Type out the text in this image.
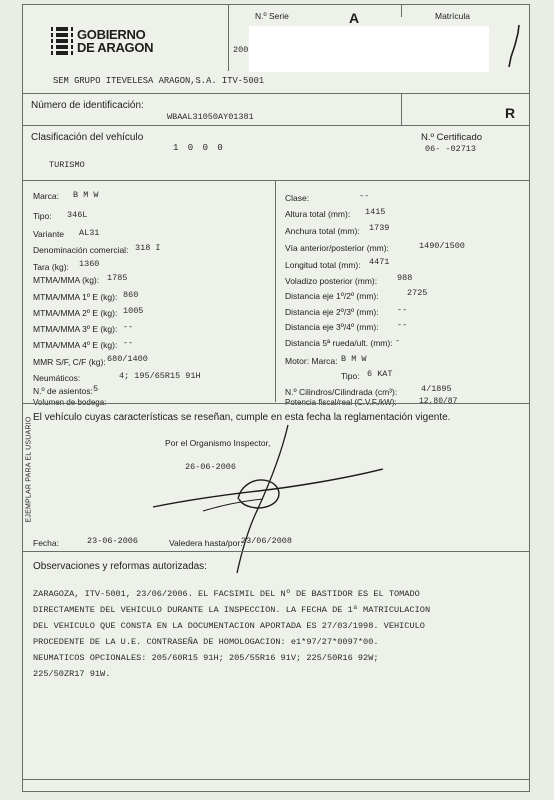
GOBIERNO
DE ARAGON
N.º Serie	A
200
Matrícula
SEM GRUPO ITEVELESA ARAGON,S.A. ITV-5001
Número de identificación:
WBAAL31050AY01381	R
Clasificación del vehículo
1 0 0 0
TURISMO
N.º Certificado
06- -02713
Marca: B M W
Tipo: 346L
Variante AL31
Denominación comercial: 318 I
Tara (kg): 1360
MTMA/MMA (kg): 1785
MTMA/MMA 1º E (kg): 860
MTMA/MMA 2º E (kg): 1005
MTMA/MMA 3º E (kg): --
MTMA/MMA 4º E (kg): --
MMR S/F, C/F (kg): 680/1400
Neumáticos:	4; 195/65R15 91H
N.º de asientos: 5
Volumen de bodega:
Clase:	--
Altura total (mm): 1415
Anchura total (mm): 1739
Vía anterior/posterior (mm):	1490/1500
Longitud total (mm): 4471
Voladizo posterior (mm): 988
Distancia eje 1º/2º (mm):	2725
Distancia eje 2º/3º (mm): --
Distancia eje 3º/4º (mm): --
Distancia 5ª rueda/ult. (mm): -
Motor: Marca: B M W
Tipo: 6 KAT
N.º Cilindros/Cilindrada (cm³):	4/1895
Potencia fiscal/real (C.V.F./kW):	12,80/87
El vehículo cuyas características se reseñan, cumple en esta fecha la reglamentación vigente.
Por el Organismo Inspector,
26-06-2006
Fecha:	23-06-2006	Valedera hasta/por:
23/06/2008
Observaciones y reformas autorizadas:
ZARAGOZA, ITV-5001, 23/06/2006. EL FACSIMIL DEL Nº DE BASTIDOR ES EL TOMADO
DIRECTAMENTE DEL VEHICULO DURANTE LA INSPECCION. LA FECHA DE 1ª MATRICULACION
DEL VEHICULO QUE CONSTA EN LA DOCUMENTACION APORTADA ES 27/03/1998. VEHICULO
PROCEDENTE DE LA U.E. CONTRASEÑA DE HOMOLOGACION: e1*97/27*0097*00.
NEUMATICOS OPCIONALES: 205/60R15 91H; 205/55R16 91V; 225/50R16 92W;
225/50ZR17 91W.
EJEMPLAR PARA EL USUARIO
